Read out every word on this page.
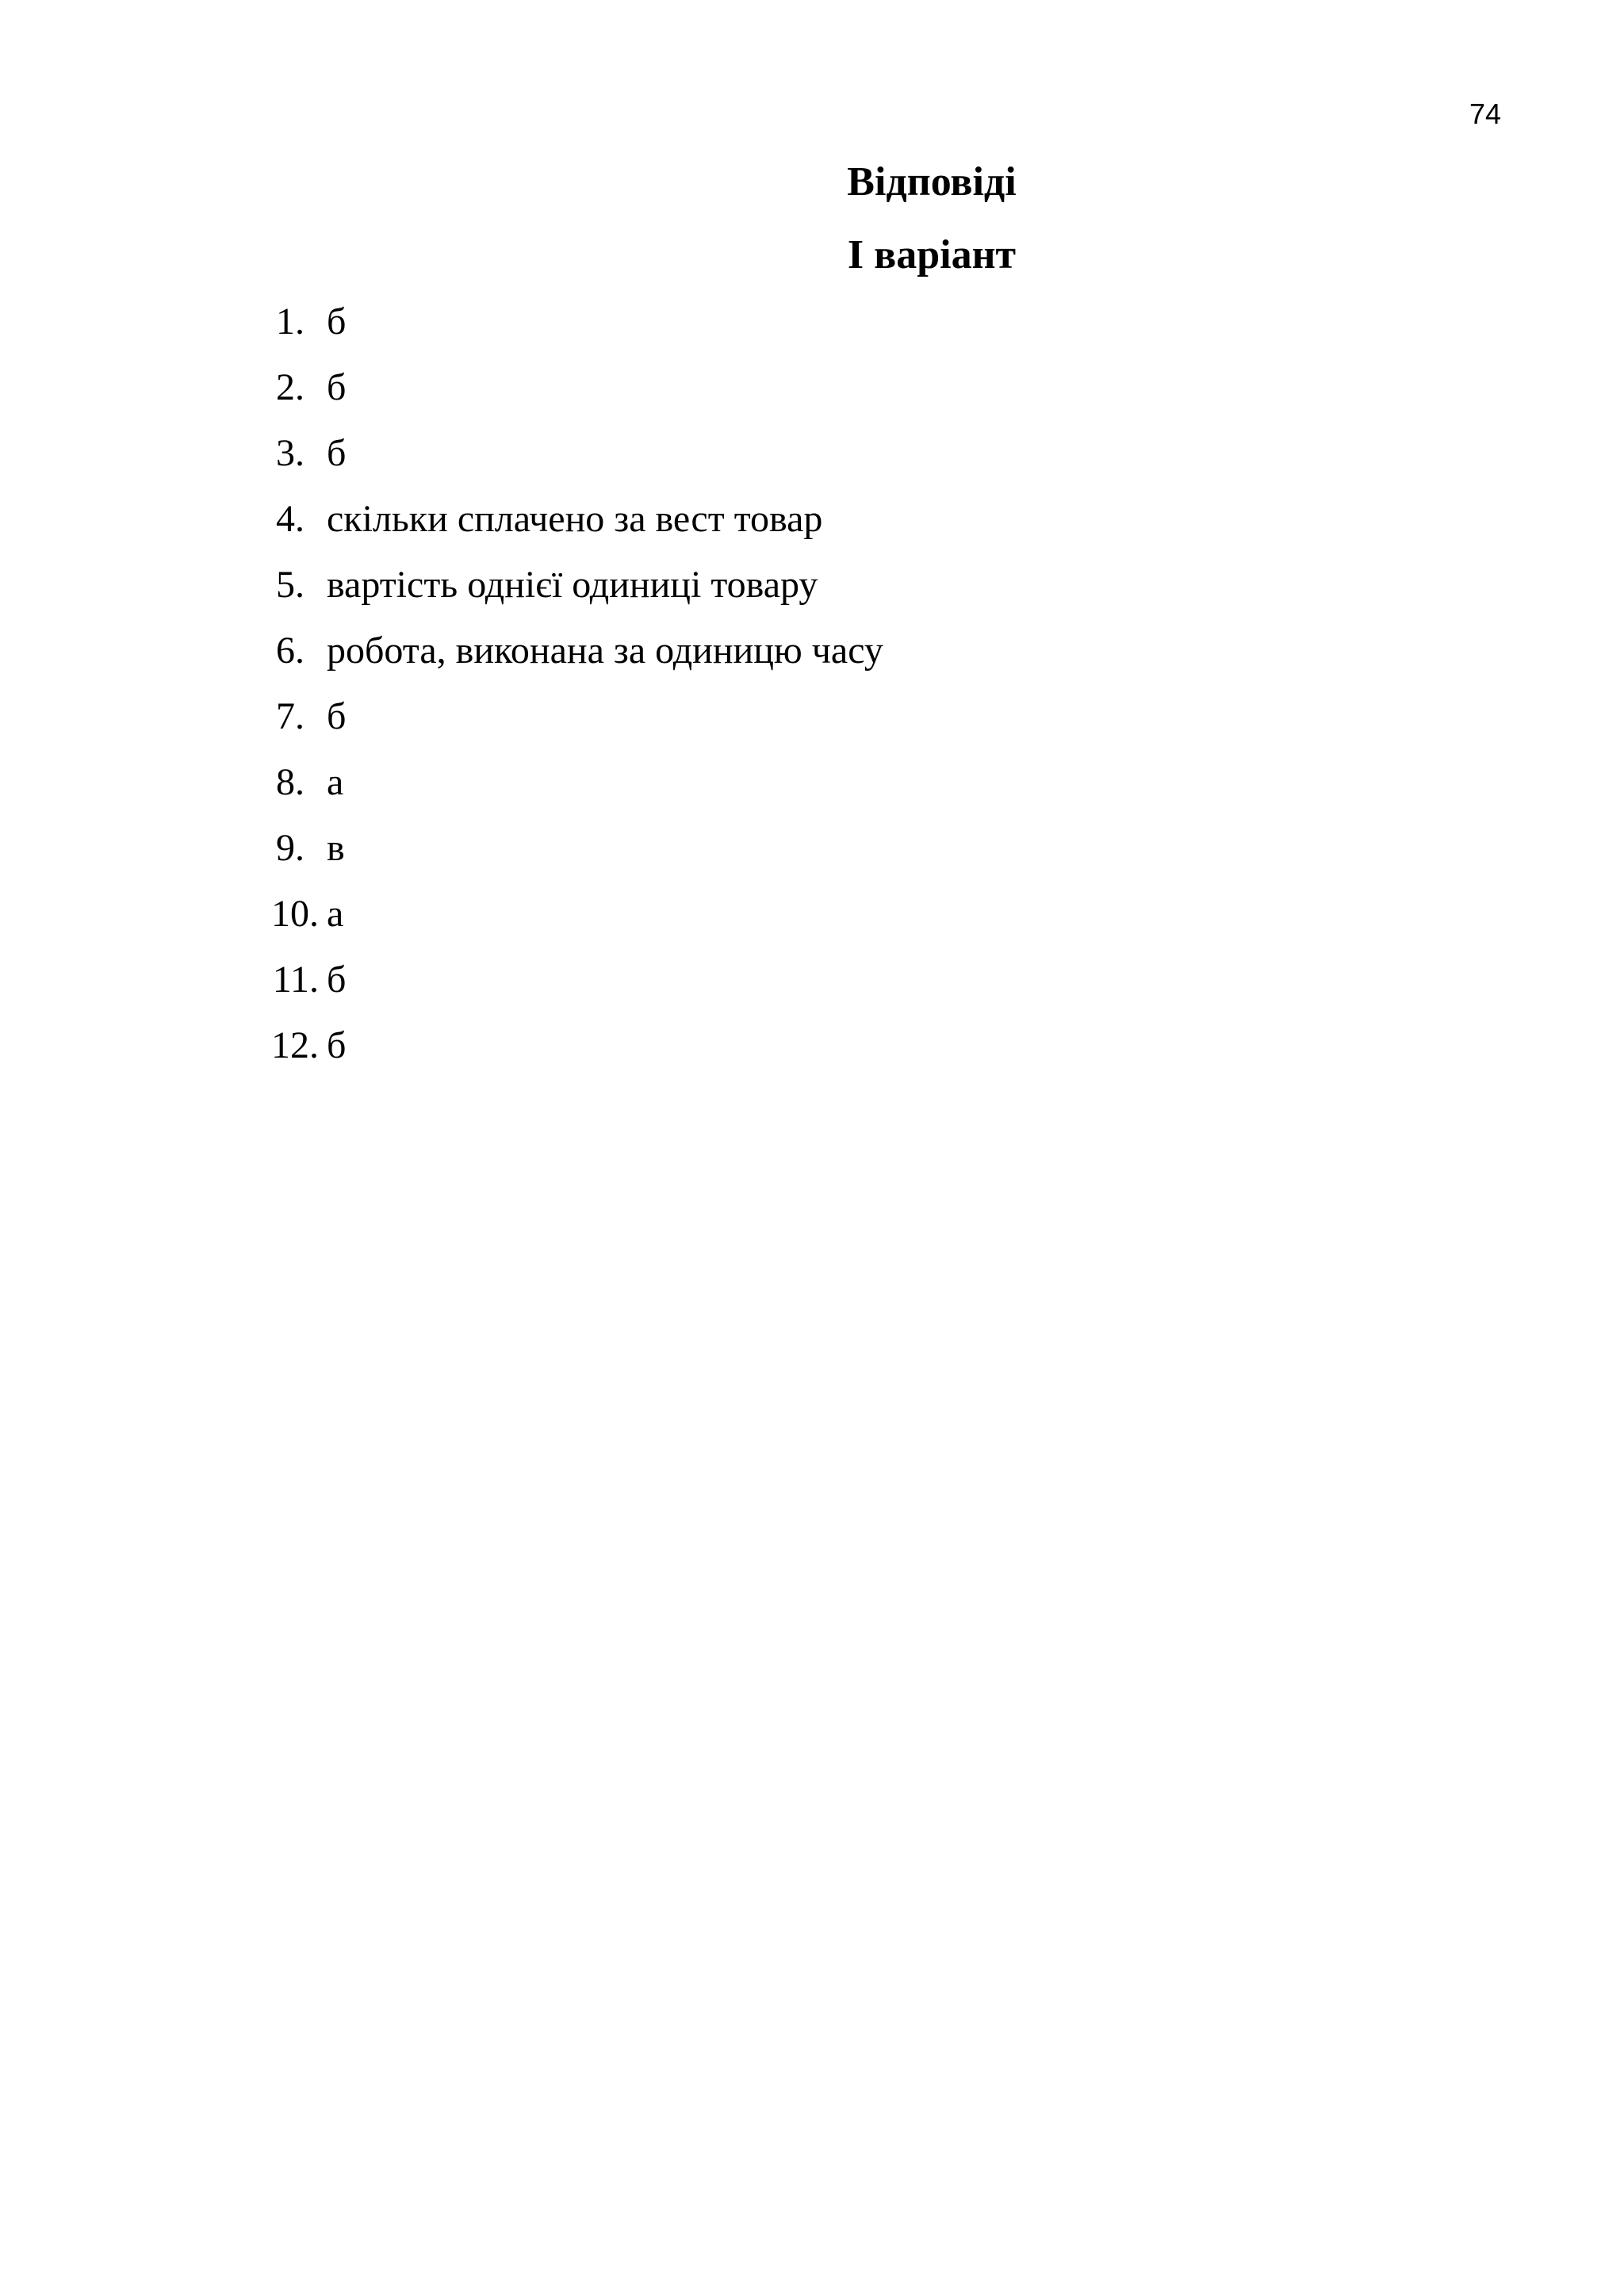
74
Відповіді
І варіант
1. б
2. б
3. б
4. скільки сплачено за вест товар
5. вартість однієї одиниці товару
6. робота, виконана за одиницю часу
7. б
8. а
9. в
10. а
11. б
12. б
